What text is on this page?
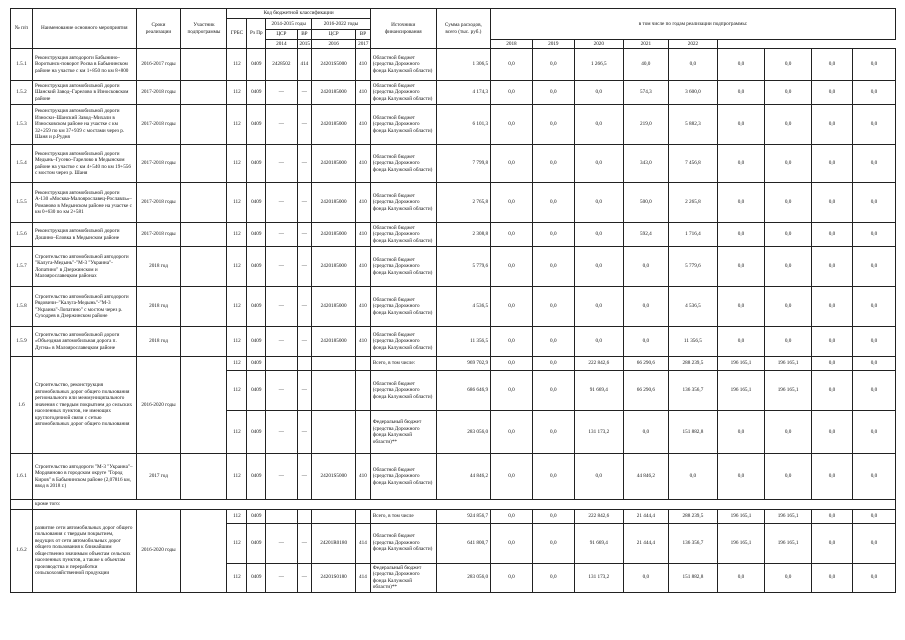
№ п/п	Наименование основного мероприятия	Сроки реализации	Участник подпрограммы	Код бюджетной классификации						Источники финансирования	Сумма расходов, всего (тыс. руб.)	в том числе по годам реализации подпрограммы:								
				ГРБС	Рз Пр	2014-2015 годы		2016-2022 годы												
						ЦСР	ВР	ЦСР	ВР											
						2014	2015	2016	2017			2018	2019	2020	2021	2022				
1.5.1	Реконструкция автодороги Бабынино–Воротынск-поворот Росва в Бабынинском районе на участке с км 1+850 по км 8+800	2016-2017 годы		112	0409	2428502	414	24201S5000	410	Областной бюджет (средства Дорожного фонда Калужской области)	1 306,5	0,0	0,0	1 266,5	40,0	0,0	0,0	0,0	0,0	0,0
1.5.2	Реконструкция автомобильной дороги Шанский Завод–Гарелово в Износковском районе	2017-2018 годы		112	0409	—	—	2420185000	410	Областной бюджет (средства Дорожного фонда Калужской области)	4 174,3	0,0	0,0	0,0	574,3	3 600,0	0,0	0,0	0,0	0,0
1.5.3	Реконструкция автомобильной дороги Износки–Шанский Завод–Михали в Износковском районе на участке с км 32+259 по км 37+939 с мостами через р. Шаня и р.Рудня	2017-2018 годы		112	0409	—	—	2420185000	410	Областной бюджет (средства Дорожного фонда Калужской области)	6 101,3	0,0	0,0	0,0	219,0	5 882,3	0,0	0,0	0,0	0,0
1.5.4	Реконструкция автомобильной дороги Медынь–Гусево–Гарелово в Медынском районе на участке с км 4+540 по км 19+556 с мостом через р. Шаня	2017-2018 годы		112	0409	—	—	2420185000	410	Областной бюджет (средства Дорожного фонда Калужской области)	7 799,8	0,0	0,0	0,0	343,0	7 456,8	0,0	0,0	0,0	0,0
1.5.5	Реконструкция автомобильной дороги А-130 «Москва-Малоярославец-Рославль»–Романово в Медынском районе на участке с км 0+630 по км 2+581	2017-2018 годы		112	0409	—	—	2420185000	410	Областной бюджет (средства Дорожного фонда Калужской области)	2 765,8	0,0	0,0	0,0	500,0	2 265,8	0,0	0,0	0,0	0,0
1.5.6	Реконструкция автомобильной дороги Дошино–Еловка в Медынском районе	2017-2018 годы		112	0409	—	—	2420185000	410	Областной бюджет (средства Дорожного фонда Калужской области)	2 308,8	0,0	0,0	0,0	592,4	1 716,4	0,0	0,0	0,0	0,0
1.5.7	Строительство автомобильной автодороги "Калуга-Медынь"-"М-3 "Украина"-Лопатино" в Дзержинском и Малоярославецком районах	2018 год		112	0409	—	—	2420185000	410	Областной бюджет (средства Дорожного фонда Калужской области)	5 779,6	0,0	0,0	0,0	0,0	5 779,6	0,0	0,0	0,0	0,0
1.5.8	Строительство автомобильной автодороги Рядовичи–"Калуга-Медынь"-"М-3 "Украина"-Лопатино" с мостом через р. Суходрев в Дзержинском районе	2018 год		112	0409	—	—	2420185000	410	Областной бюджет (средства Дорожного фонда Калужской области)	4 536,5	0,0	0,0	0,0	0,0	4 536,5	0,0	0,0	0,0	0,0
1.5.9	Строительство автомобильной дороги «Объездная автомобильная дорога п. Дугна» в Малоярославецком районе	2018 год		112	0409	—	—	2420185000	410	Областной бюджет (средства Дорожного фонда Калужской области)	11 356,5	0,0	0,0	0,0	0,0	11 356,5	0,0	0,0	0,0	0,0
1.6	Строительство, реконструкция автомобильных дорог общего пользования регионального или межмуниципального значения с твердым покрытием до сельских населенных пунктов, не имеющих круглогодичной связи с сетью автомобильных дорог общего пользования	2016-2020 годы		112	0409					Всего, в том числе:	969 702,9	0,0	0,0	222 842,6	66 290,6	288 239,5	196 165,1	196 165,1	0,0	0,0
				112	0409	—	—			Областной бюджет (средства Дорожного фонда Калужской области)	686 646,9	0,0	0,0	91 669,4	66 290,6	136 356,7	196 165,1	196 165,1	0,0	0,0
				112	0409	—	—			Федеральный бюджет (средства Дорожного фонда Калужской области)**	283 056,0	0,0	0,0	131 173,2	0,0	151 882,8	0,0	0,0	0,0	0,0
1.6.1	Строительство автодороги "М-3 "Украина"–Мордвиново в городском округе "Город Киров" в Бабынинском районе (2,07816 км, ввод в 2018 г.)	2017 год		112	0409	—	—	24201S5000	410	Областной бюджет (средства Дорожного фонда Калужской области)	44 846,2	0,0	0,0	0,0	44 846,2	0,0	0,0	0,0	0,0	0,0
	кроме того:																			
1.6.2	развитие сети автомобильных дорог общего пользования с твердым покрытием, ведущих от сети автомобильных дорог общего пользования к ближайшим общественно значимым объектам сельских населенных пунктов, а также к объектам производства и переработки сельскохозяйственной продукции	2016-2020 годы		112	0409					Всего, в том числе	924 856,7	0,0	0,0	222 842,6	21 444,4	288 239,5	196 165,1	196 165,1	0,0	0,0
				112	0409	—	—	24201R0180	414	Областной бюджет (средства Дорожного фонда Калужской области)	641 800,7	0,0	0,0	91 669,4	21 444,4	136 356,7	196 165,1	196 165,1	0,0	0,0
				112	0409	—	—	24201S0180	414	Федеральный бюджет (средства Дорожного фонда Калужской области)**	283 056,0	0,0	0,0	131 173,2	0,0	151 882,8	0,0	0,0	0,0	0,0
